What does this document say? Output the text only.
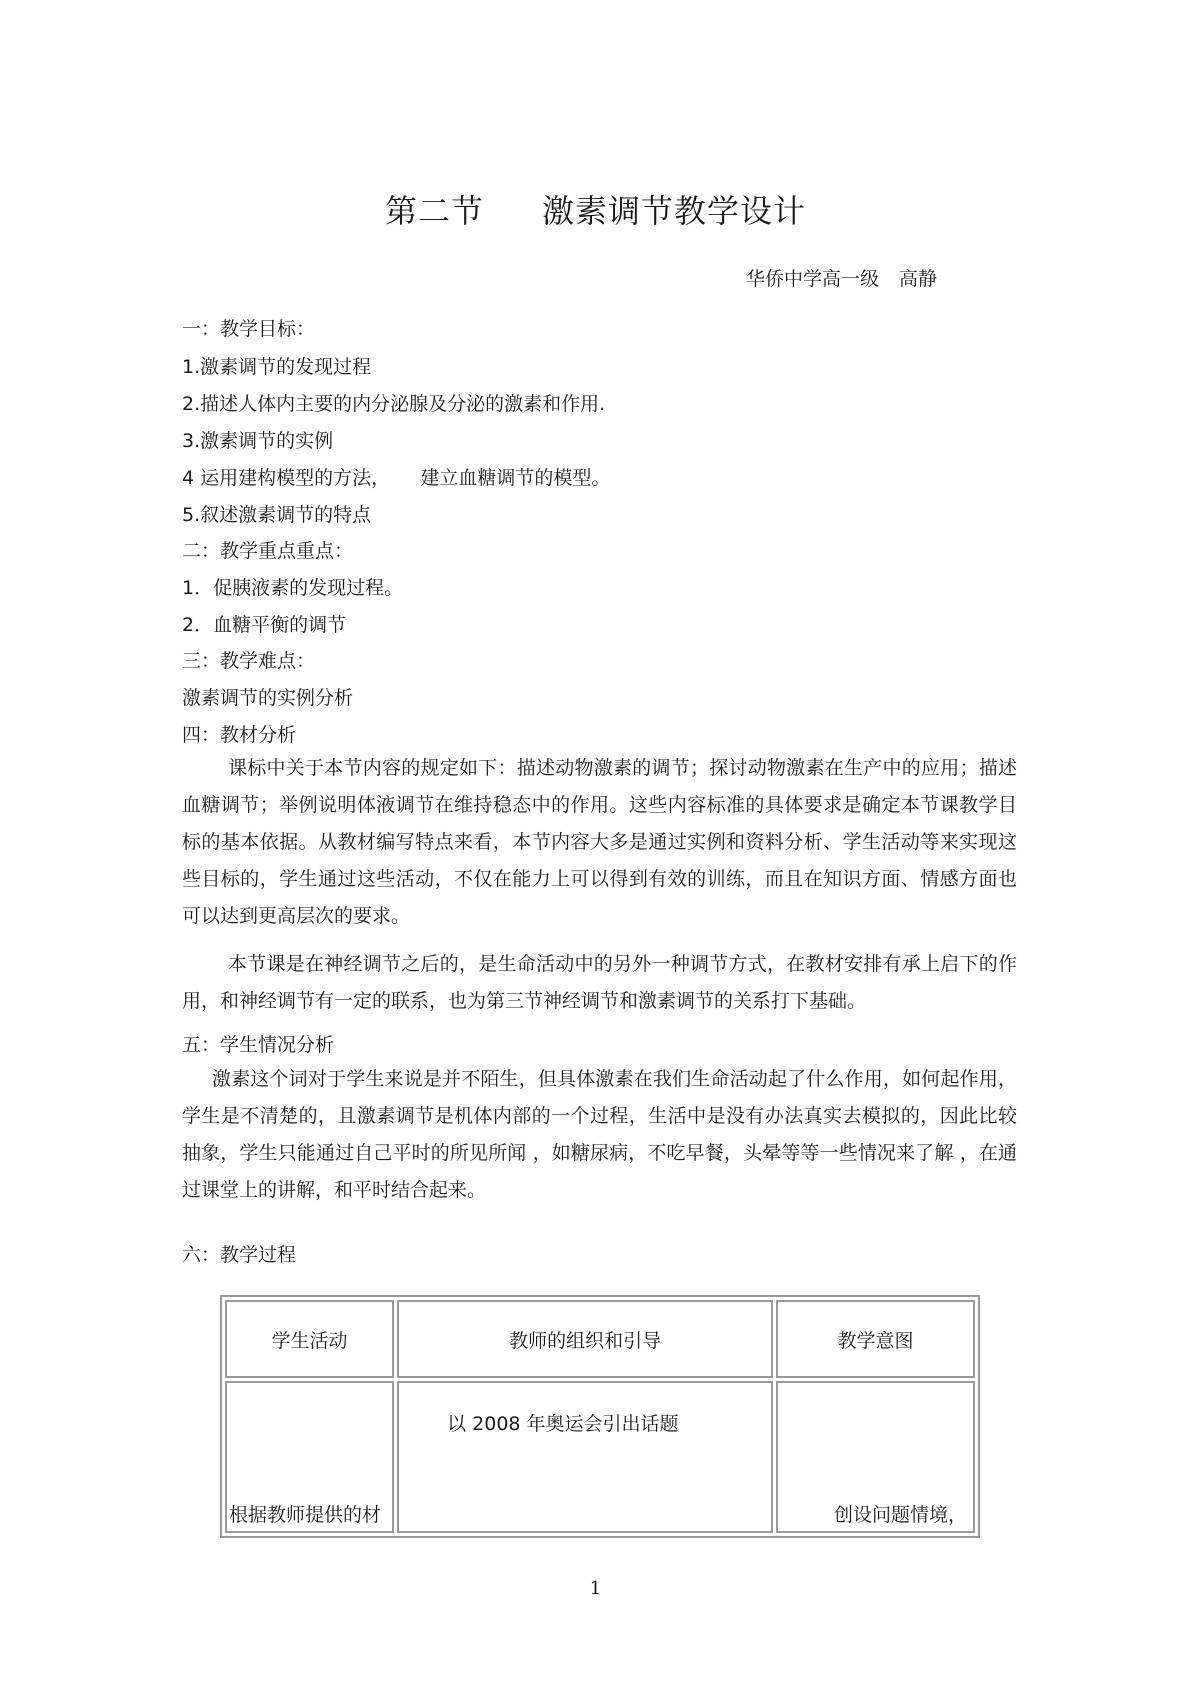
第二节 激素调节教学设计
华侨中学高一级 高静
一：教学目标：
1.激素调节的发现过程
2.描述人体内主要的内分泌腺及分泌的激素和作用.
3.激素调节的实例
4 运用建构模型的方法，     建立血糖调节的模型。
5.叙述激素调节的特点
二：教学重点重点：
1．促胰液素的发现过程。
2．血糖平衡的调节
三：教学难点：
激素调节的实例分析
四：教材分析
课标中关于本节内容的规定如下：描述动物激素的调节；探讨动物激素在生产中的应用；描述血糖调节；举例说明体液调节在维持稳态中的作用。这些内容标准的具体要求是确定本节课教学目标的基本依据。从教材编写特点来看，本节内容大多是通过实例和资料分析、学生活动等来实现这些目标的，学生通过这些活动，不仅在能力上可以得到有效的训练，而且在知识方面、情感方面也可以达到更高层次的要求。
本节课是在神经调节之后的，是生命活动中的另外一种调节方式，在教材安排有承上启下的作用，和神经调节有一定的联系，也为第三节神经调节和激素调节的关系打下基础。
五：学生情况分析
激素这个词对于学生来说是并不陌生，但具体激素在我们生命活动起了什么作用，如何起作用，学生是不清楚的，且激素调节是机体内部的一个过程，生活中是没有办法真实去模拟的，因此比较抽象，学生只能通过自己平时的所见所闻 ，如糖尿病，不吃早餐，头晕等等一些情况来了解 ，在通过课堂上的讲解，和平时结合起来。
六：教学过程
学生活动	教师的组织和引导	教学意图

根据教师提供的材	以 2008 年奥运会引出话题	创设问题情境，
1
